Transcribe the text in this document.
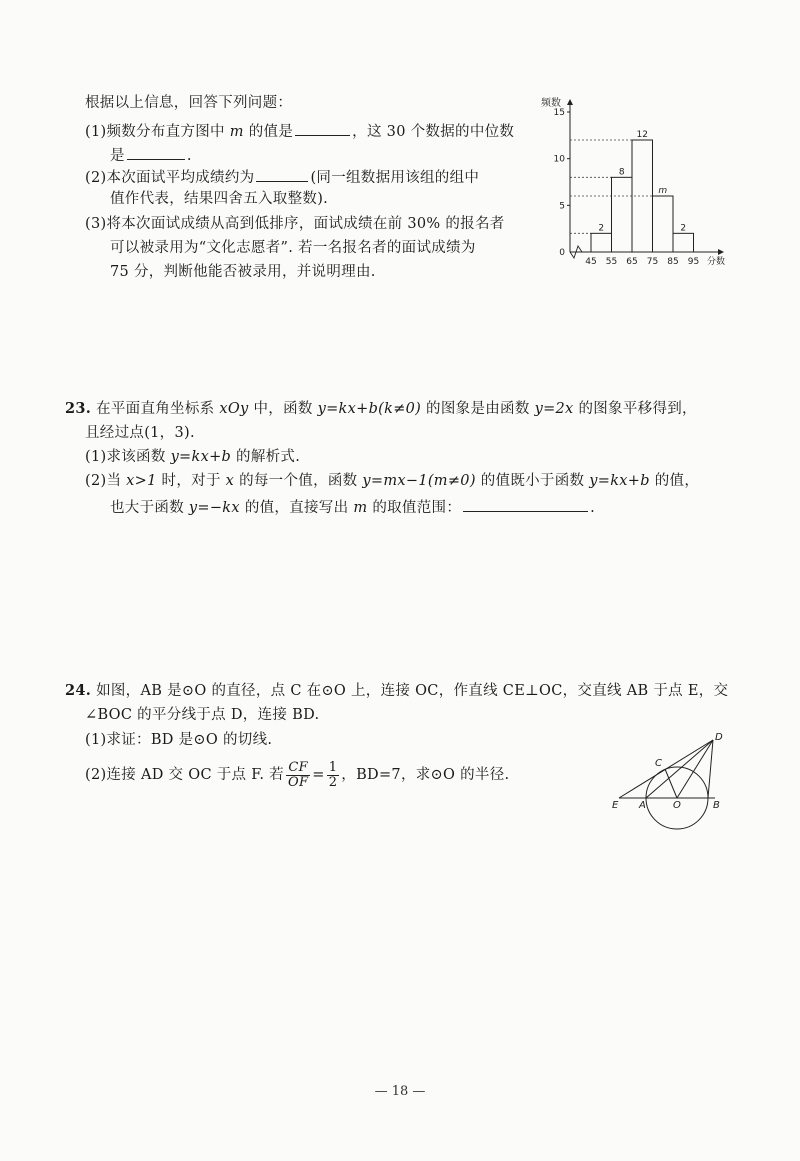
根据以上信息，回答下列问题：
(1)频数分布直方图中 m 的值是	，这 30 个数据的中位数
是	.
(2)本次面试平均成绩约为	(同一组数据用该组的组中
值作代表，结果四舍五入取整数).
(3)将本次面试成绩从高到低排序，面试成绩在前 30% 的报名者
可以被录用为“文化志愿者”. 若一名报名者的面试成绩为
75 分，判断他能否被录用，并说明理由.
频数
分数
0
5
10
15
2
8
12
m
2
45 55 65 75 85 95
23. 在平面直角坐标系 xOy 中，函数 y=kx+b(k≠0) 的图象是由函数 y=2x 的图象平移得到，
且经过点(1，3).
(1)求该函数 y=kx+b 的解析式.
(2)当 x>1 时，对于 x 的每一个值，函数 y=mx−1(m≠0) 的值既小于函数 y=kx+b 的值，
也大于函数 y=−kx 的值，直接写出 m 的取值范围：	.
24. 如图，AB 是⊙O 的直径，点 C 在⊙O 上，连接 OC，作直线 CE⊥OC，交直线 AB 于点 E，交
∠BOC 的平分线于点 D，连接 BD.
(1)求证：BD 是⊙O 的切线.
(2)连接 AD 交 OC 于点 F. 若 $\frac{CF}{OF} = \frac{1}{2}$ ，BD=7，求⊙O 的半径.
D
C
E A	O	B
— 18 —
